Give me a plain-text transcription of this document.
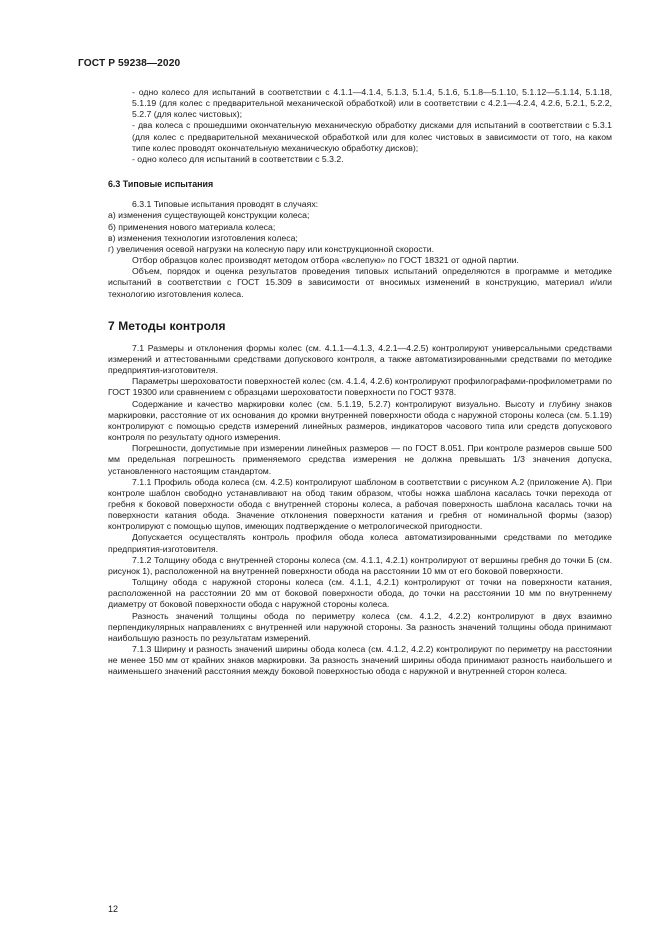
ГОСТ Р 59238—2020

- одно колесо для испытаний в соответствии с 4.1.1—4.1.4, 5.1.3, 5.1.4, 5.1.6, 5.1.8—5.1.10, 5.1.12—5.1.14, 5.1.18, 5.1.19 (для колес с предварительной механической обработкой) или в соответствии с 4.2.1—4.2.4, 4.2.6, 5.2.1, 5.2.2, 5.2.7 (для колес чистовых);

- два колеса с прошедшими окончательную механическую обработку дисками для испытаний в соответствии с 5.3.1 (для колес с предварительной механической обработкой или для колес чистовых в зависимости от того, на каком типе колес проводят окончательную механическую обработку дисков);

- одно колесо для испытаний в соответствии с 5.3.2.

6.3 Типовые испытания

6.3.1 Типовые испытания проводят в случаях:

а) изменения существующей конструкции колеса;

б) применения нового материала колеса;

в) изменения технологии изготовления колеса;

г) увеличения осевой нагрузки на колесную пару или конструкционной скорости.

Отбор образцов колес производят методом отбора «вслепую» по ГОСТ 18321 от одной партии.

Объем, порядок и оценка результатов проведения типовых испытаний определяются в программе и методике испытаний в соответствии с ГОСТ 15.309 в зависимости от вносимых изменений в конструкцию, материал и/или технологию изготовления колеса.

7 Методы контроля

7.1 Размеры и отклонения формы колес (см. 4.1.1—4.1.3, 4.2.1—4.2.5) контролируют универсальными средствами измерений и аттестованными средствами допускового контроля, а также автоматизированными средствами по методике предприятия-изготовителя.

Параметры шероховатости поверхностей колес (см. 4.1.4, 4.2.6) контролируют профилографами-профилометрами по ГОСТ 19300 или сравнением с образцами шероховатости поверхности по ГОСТ 9378.

Содержание и качество маркировки колес (см. 5.1.19, 5.2.7) контролируют визуально. Высоту и глубину знаков маркировки, расстояние от их основания до кромки внутренней поверхности обода с наружной стороны колеса (см. 5.1.19) контролируют с помощью средств измерений линейных размеров, индикаторов часового типа или средств допускового контроля по результату одного измерения.

Погрешности, допустимые при измерении линейных размеров — по ГОСТ 8.051. При контроле размеров свыше 500 мм предельная погрешность применяемого средства измерения не должна превышать 1/3 значения допуска, установленного настоящим стандартом.

7.1.1 Профиль обода колеса (см. 4.2.5) контролируют шаблоном в соответствии с рисунком А.2 (приложение А). При контроле шаблон свободно устанавливают на обод таким образом, чтобы ножка шаблона касалась точки перехода от гребня к боковой поверхности обода с внутренней стороны колеса, а рабочая поверхность шаблона касалась точки на поверхности катания обода. Значение отклонения поверхности катания и гребня от номинальной формы (зазор) контролируют с помощью щупов, имеющих подтверждение о метрологической пригодности.

Допускается осуществлять контроль профиля обода колеса автоматизированными средствами по методике предприятия-изготовителя.

7.1.2 Толщину обода с внутренней стороны колеса (см. 4.1.1, 4.2.1) контролируют от вершины гребня до точки Б (см. рисунок 1), расположенной на внутренней поверхности обода на расстоянии 10 мм от его боковой поверхности.

Толщину обода с наружной стороны колеса (см. 4.1.1, 4.2.1) контролируют от точки на поверхности катания, расположенной на расстоянии 20 мм от боковой поверхности обода, до точки на расстоянии 10 мм по внутреннему диаметру от боковой поверхности обода с наружной стороны колеса.

Разность значений толщины обода по периметру колеса (см. 4.1.2, 4.2.2) контролируют в двух взаимно перпендикулярных направлениях с внутренней или наружной стороны. За разность значений толщины обода принимают наибольшую разность по результатам измерений.

7.1.3 Ширину и разность значений ширины обода колеса (см. 4.1.2, 4.2.2) контролируют по периметру на расстоянии не менее 150 мм от крайних знаков маркировки. За разность значений ширины обода принимают разность наибольшего и наименьшего значений расстояния между боковой поверхностью обода с наружной и внутренней сторон колеса.

12
